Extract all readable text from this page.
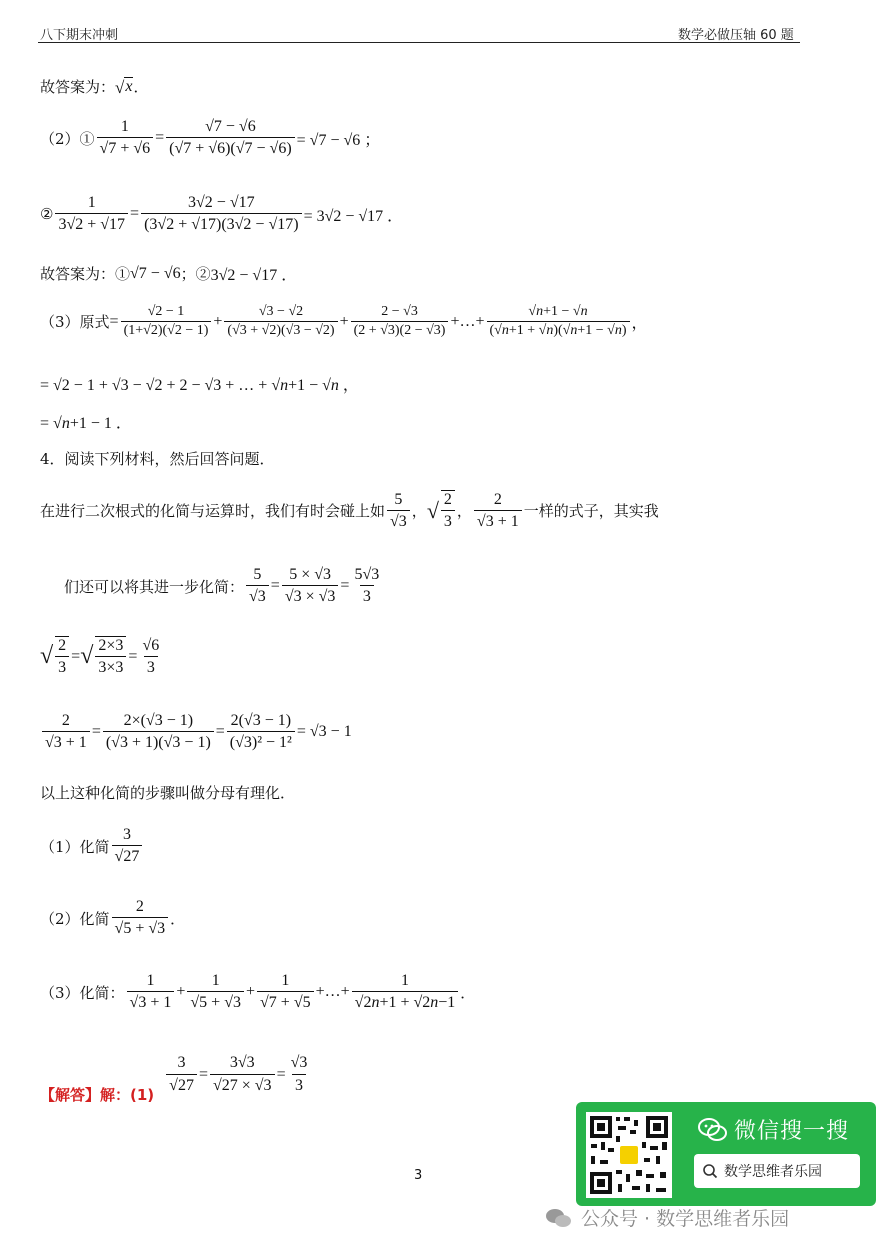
八下期末冲刺	数学必做压轴 60 题
故答案为： √ x ．
（2）① $\frac{1}{√7 + √6} = \frac{√7 - √6}{(√7 + √6)(√7 - √6)} = √7 - √6$ ；
② $\frac{1}{3√2 + √17} = \frac{3√2 - √17}{(3√2 + √17)(3√2 - √17)} = 3√2 - √17$ ．
故答案为：① √7 − √6 ；② 3√2 − √17 ．
（3）原式 = $\frac{√2 - 1}{(1+√2)(√2 - 1)} + \frac{√3 - √2}{(√3 + √2)(√3 - √2)} + \frac{2 - √3}{(2 + √3)(2 - √3)}$ +…+ $\frac{√n+1 - √n}{(√n+1 + √n)(√n+1 - √n)}$ ，
= √2 − 1 + √3 − √2 + 2 − √3 + … + √n+1 − √n ，
= √n+1 − 1 ．
4．阅读下列材料，然后回答问题．
在进行二次根式的化简与运算时，我们有时会碰上如 $\frac{5}{√3}$ ， √ $\frac{2}{3}$ ， $\frac{2}{√3 + 1}$ 一样的式子，其实我
们还可以将其进一步化简： $\frac{5}{√3} = \frac{5 \times √3}{√3 \times √3} = \frac{5√3}{3}$
√ $\frac{2}{3}$ = √ $\frac{2\times 3}{3\times 3} = \frac{√6}{3}$
$\frac{2}{√3 + 1} = \frac{2\times(√3 - 1)}{(√3 + 1)(√3 - 1)} = \frac{2(√3 - 1)}{\text{(√3)² − 1²}} = √3 - 1$
以上这种化简的步骤叫做分母有理化．
（1）化简 $\frac{3}{√27}$
（2）化简 $\frac{2}{√5 + √3}$ ．
（3）化简： $\frac{1}{√3 + 1} + \frac{1}{√5 + √3} + \frac{1}{√7 + √5}$ +…+ $\frac{1}{√2n+1 + √2n-1}$ ．
【解答】解：(1)
$\frac{3}{√27} = \frac{3√3}{√27 \times √3} = \frac{√3}{3}$
3
微信搜一搜
数学思维者乐园
公众号 · 数学思维者乐园
